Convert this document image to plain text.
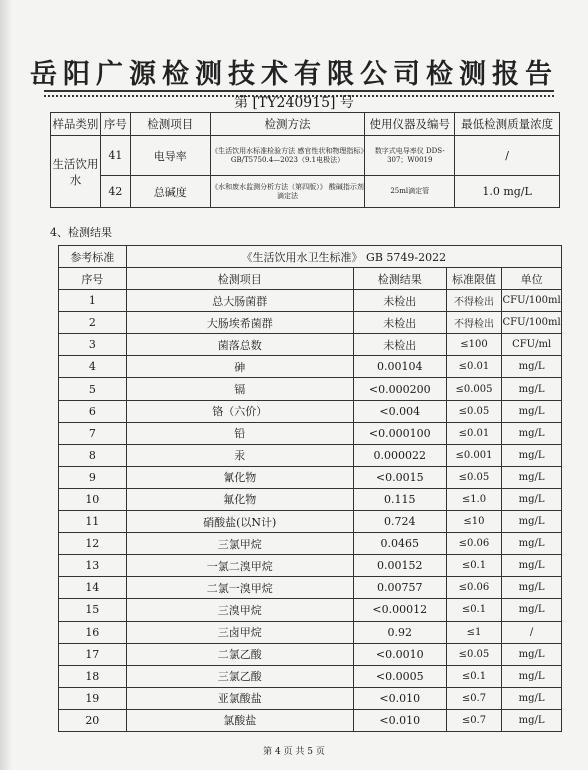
岳阳广源检测技术有限公司检测报告
第 [TY240915] 号
样品类别	序号	检测项目	检测方法	使用仪器及编号	最低检测质量浓度
生活饮用水	41	电导率	《生活饮用水标准检验方法 感官性状和物理指标》GB/T5750.4—2023（9.1电极法）	数字式电导率仪 DDS-307；W0019	/
	42	总碱度	《水和废水监测分析方法（第四版）》 酸碱指示剂滴定法	25ml滴定管	1.0 mg/L
4、检测结果
参考标准	《生活饮用水卫生标准》 GB 5749-2022			
序号	检测项目	检测结果	标准限值	单位
1	总大肠菌群	未检出	不得检出	CFU/100ml
2	大肠埃希菌群	未检出	不得检出	CFU/100ml
3	菌落总数	未检出	≤100	CFU/ml
4	砷	0.00104	≤0.01	mg/L
5	镉	<0.000200	≤0.005	mg/L
6	铬（六价）	<0.004	≤0.05	mg/L
7	铅	<0.000100	≤0.01	mg/L
8	汞	0.000022	≤0.001	mg/L
9	氰化物	<0.0015	≤0.05	mg/L
10	氟化物	0.115	≤1.0	mg/L
11	硝酸盐(以N计)	0.724	≤10	mg/L
12	三氯甲烷	0.0465	≤0.06	mg/L
13	一氯二溴甲烷	0.00152	≤0.1	mg/L
14	二氯一溴甲烷	0.00757	≤0.06	mg/L
15	三溴甲烷	<0.00012	≤0.1	mg/L
16	三卤甲烷	0.92	≤1	/
17	二氯乙酸	<0.0010	≤0.05	mg/L
18	三氯乙酸	<0.0005	≤0.1	mg/L
19	亚氯酸盐	<0.010	≤0.7	mg/L
20	氯酸盐	<0.010	≤0.7	mg/L
第 4 页 共 5 页
